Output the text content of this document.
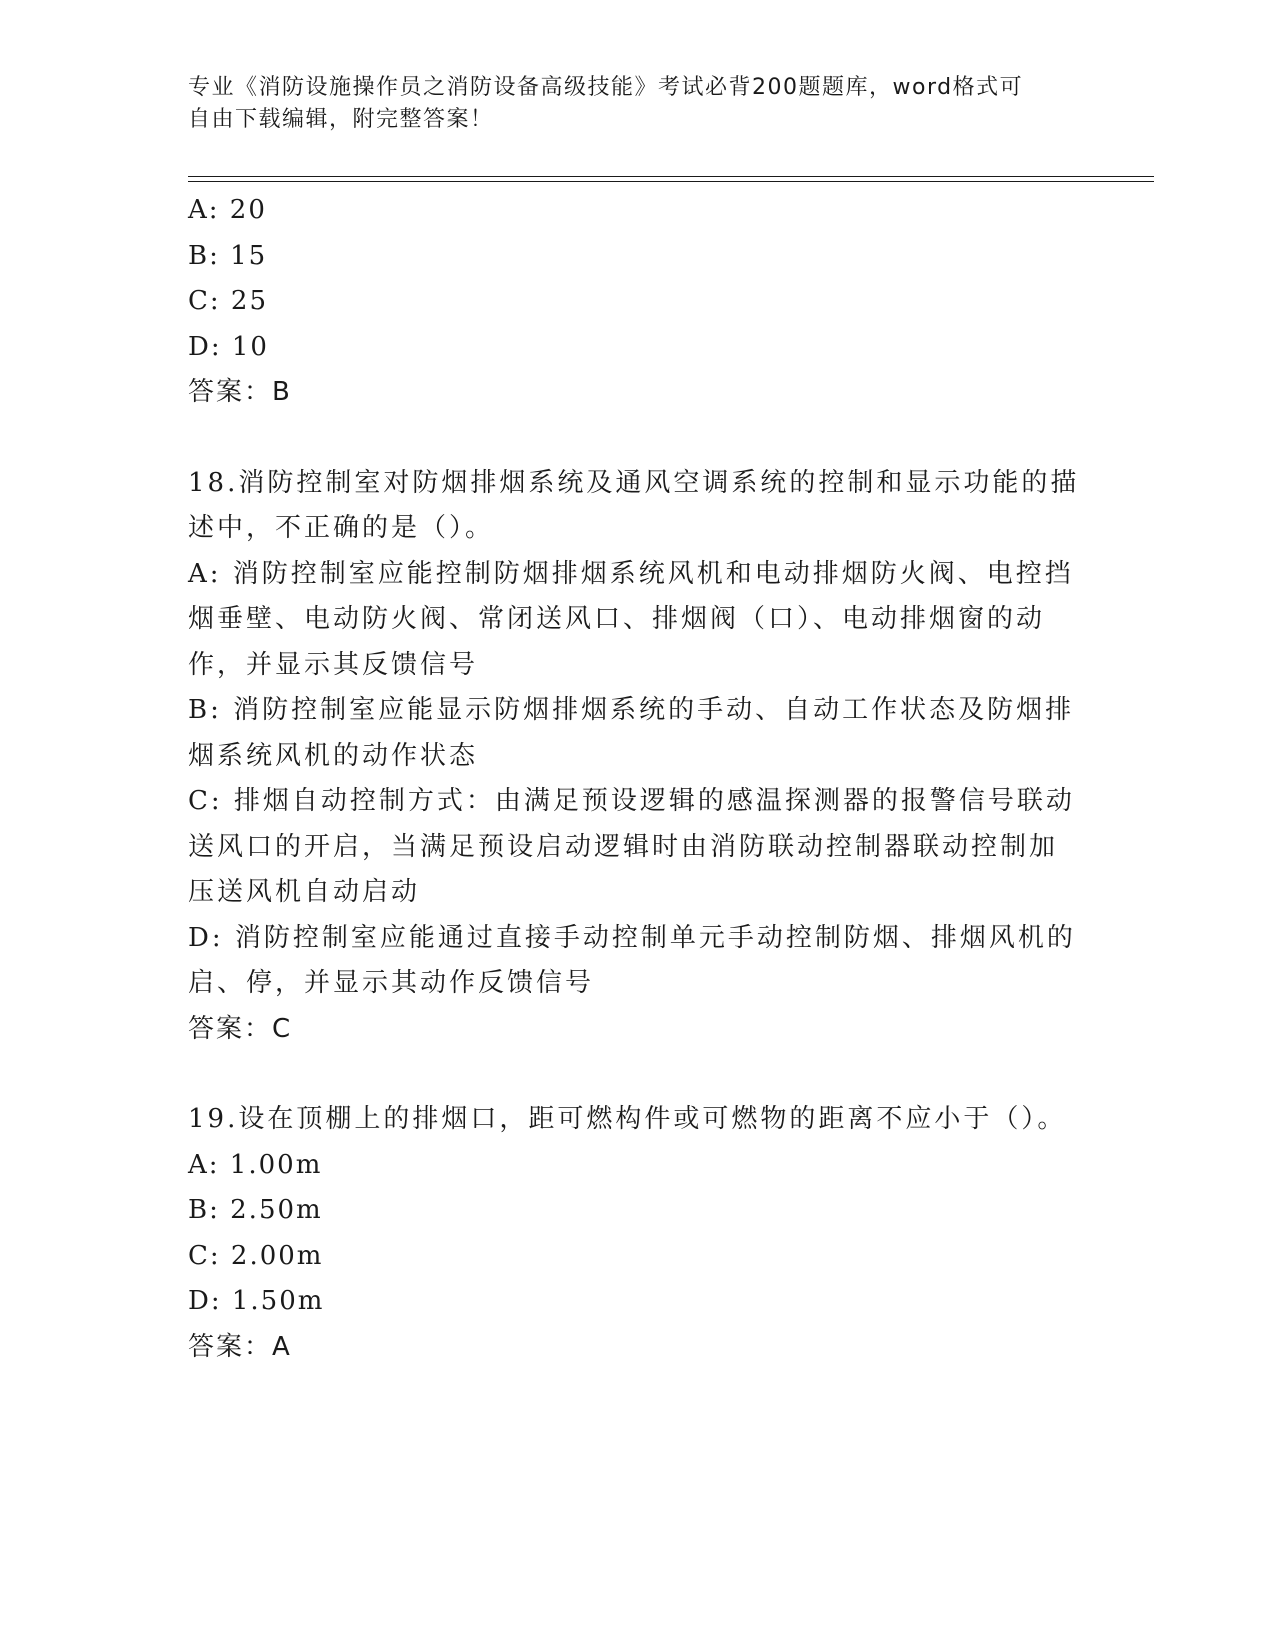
专业《消防设施操作员之消防设备高级技能》考试必背200题题库，word格式可
自由下载编辑，附完整答案！
A: 20
B: 15
C: 25
D: 10
答案：B
18.消防控制室对防烟排烟系统及通风空调系统的控制和显示功能的描
述中，不正确的是（）。
A: 消防控制室应能控制防烟排烟系统风机和电动排烟防火阀、电控挡
烟垂壁、电动防火阀、常闭送风口、排烟阀（口）、电动排烟窗的动
作，并显示其反馈信号
B: 消防控制室应能显示防烟排烟系统的手动、自动工作状态及防烟排
烟系统风机的动作状态
C: 排烟自动控制方式：由满足预设逻辑的感温探测器的报警信号联动
送风口的开启，当满足预设启动逻辑时由消防联动控制器联动控制加
压送风机自动启动
D: 消防控制室应能通过直接手动控制单元手动控制防烟、排烟风机的
启、停，并显示其动作反馈信号
答案：C
19.设在顶棚上的排烟口，距可燃构件或可燃物的距离不应小于（）。
A: 1.00m
B: 2.50m
C: 2.00m
D: 1.50m
答案：A
